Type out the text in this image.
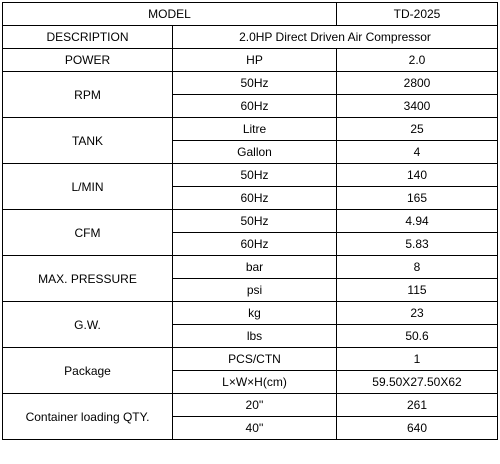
MODEL		TD-2025
DESCRIPTION	2.0HP Direct Driven Air Compressor	
POWER	HP	2.0
RPM	50Hz	2800
	60Hz	3400
TANK	Litre	25
	Gallon	4
L/MIN	50Hz	140
	60Hz	165
CFM	50Hz	4.94
	60Hz	5.83
MAX. PRESSURE	bar	8
	psi	115
G.W.	kg	23
	lbs	50.6
Package	PCS/CTN	1
	L×W×H(cm)	59.50X27.50X62
Container loading QTY.	20''	261
	40''	640
